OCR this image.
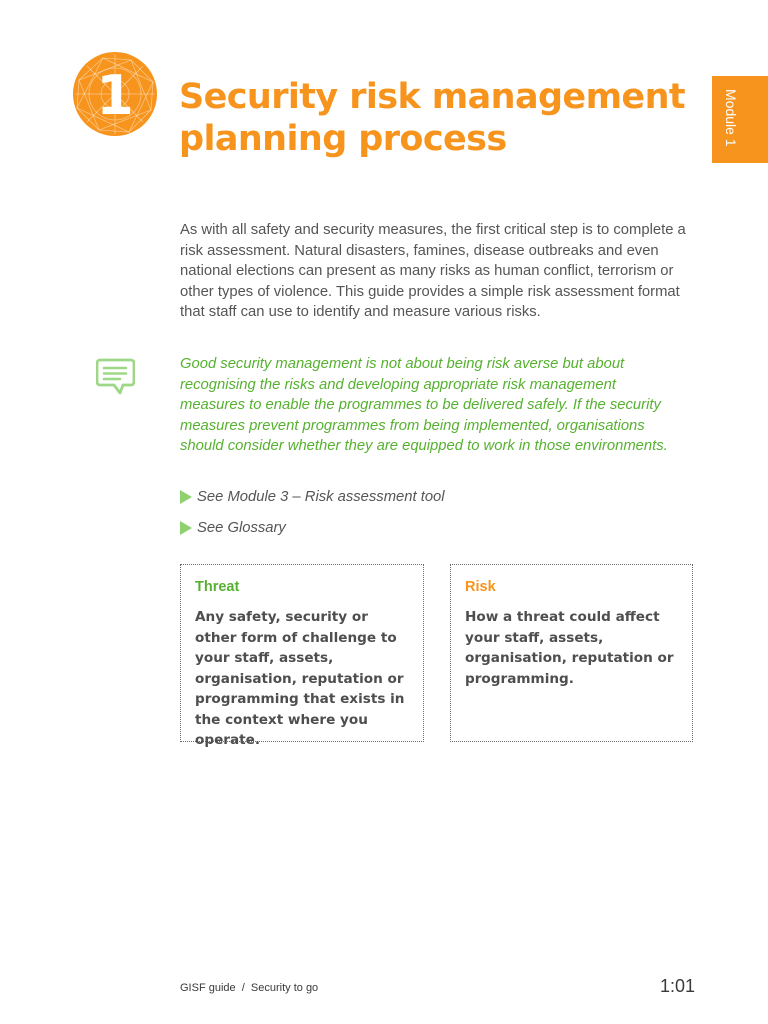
1 Security risk management planning process	Module 1

As with all safety and security measures, the first critical step is to complete a risk assessment. Natural disasters, famines, disease outbreaks and even national elections can present as many risks as human conflict, terrorism or other types of violence. This guide provides a simple risk assessment format that staff can use to identify and measure various risks.

Good security management is not about being risk averse but about recognising the risks and developing appropriate risk management measures to enable the programmes to be delivered safely. If the security measures prevent programmes from being implemented, organisations should consider whether they are equipped to work in those environments.

See Module 3 – Risk assessment tool
See Glossary

Threat

Any safety, security or other form of challenge to your staff, assets, organisation, reputation or programming that exists in the context where you operate.

Risk

How a threat could affect your staff, assets, organisation, reputation or programming.

GISF guide  /  Security to go	1:01
